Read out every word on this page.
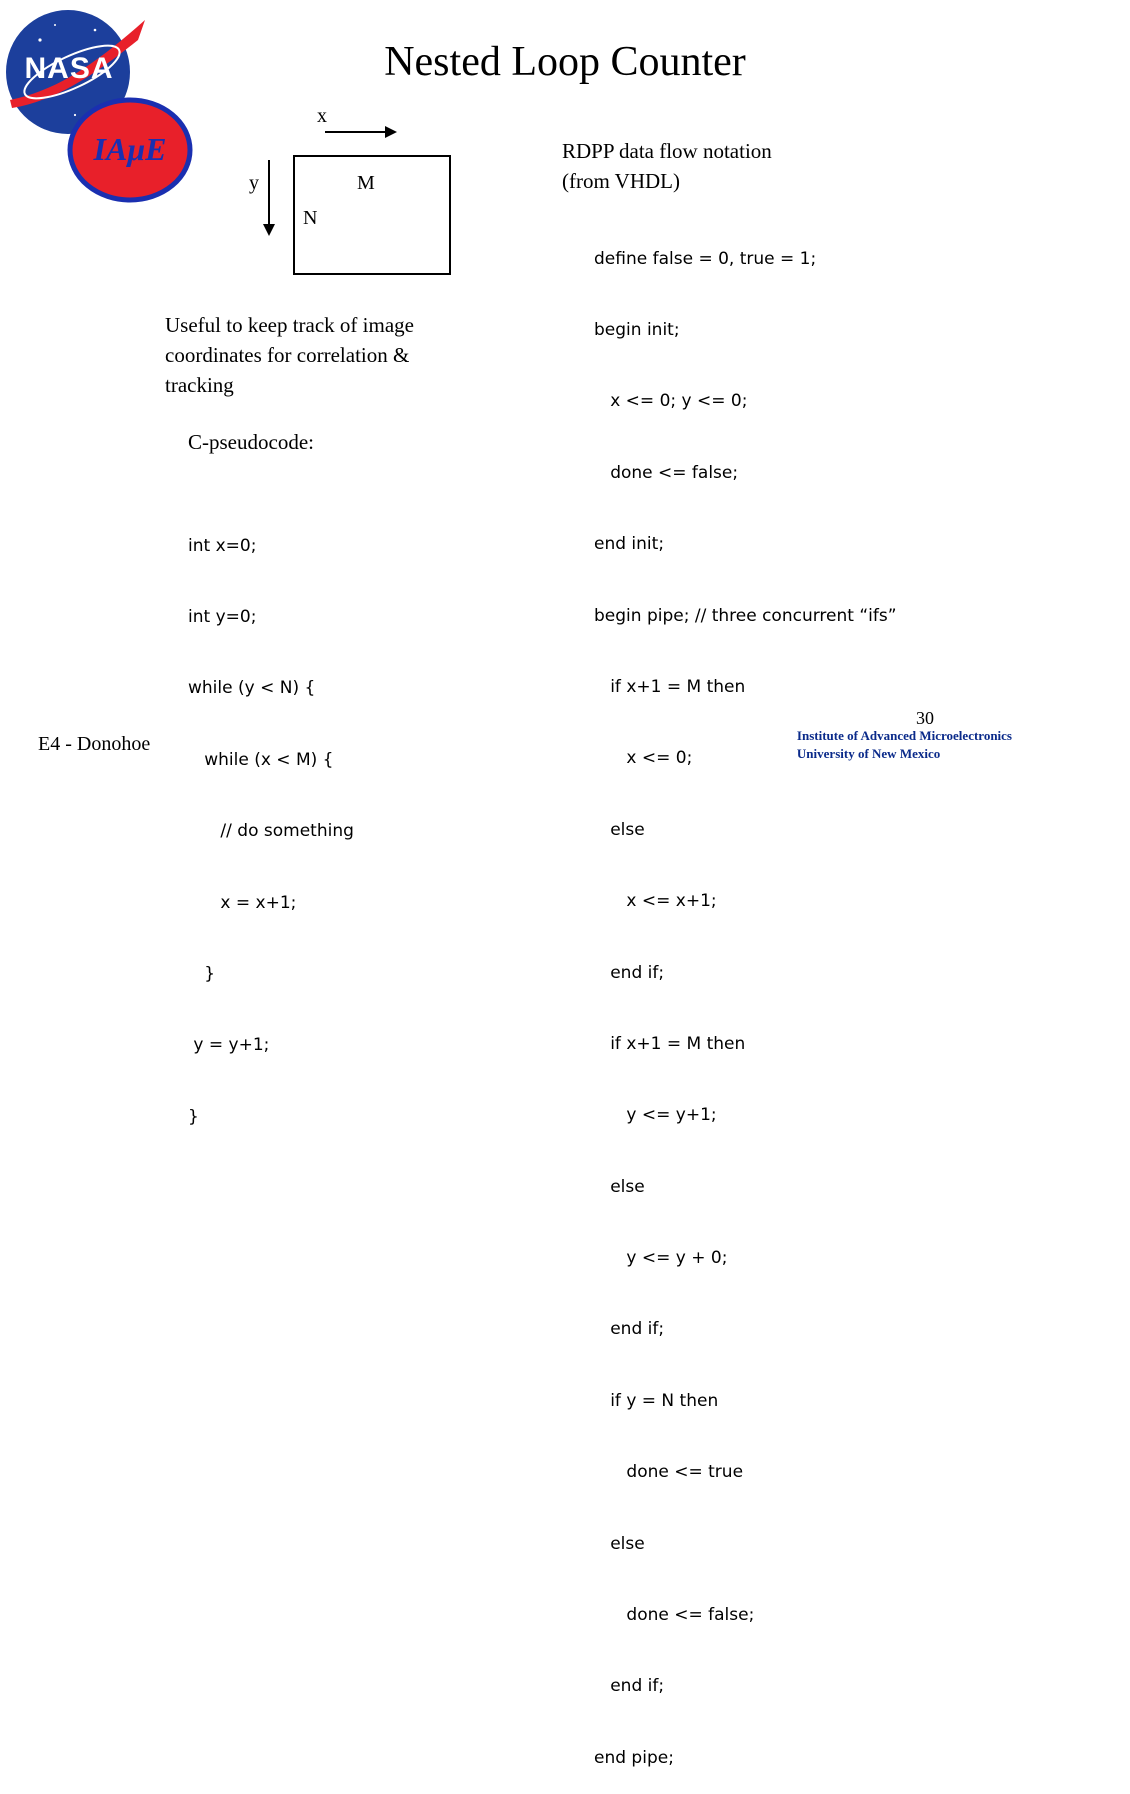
NASA
IAμE
Nested Loop Counter
x
y	M
N
Useful to keep track of image
coordinates for correlation &
tracking
C-pseudocode:

int x=0;

int y=0;

while (y < N) {

while (x < M) {

// do something

x = x+1;

}

y = y+1;

}

RDPP data flow notation
(from VHDL)

define false = 0, true = 1;

begin init;

x <= 0; y <= 0;

done <= false;

end init;

begin pipe; // three concurrent “ifs”

if x+1 = M then

x <= 0;

else

x <= x+1;

end if;

if x+1 = M then

y <= y+1;

else

y <= y + 0;

end if;

if y = N then

done <= true

else

done <= false;

end if;

end pipe;

30
E4 - Donohoe	Institute of Advanced Microelectronics
University of New Mexico
